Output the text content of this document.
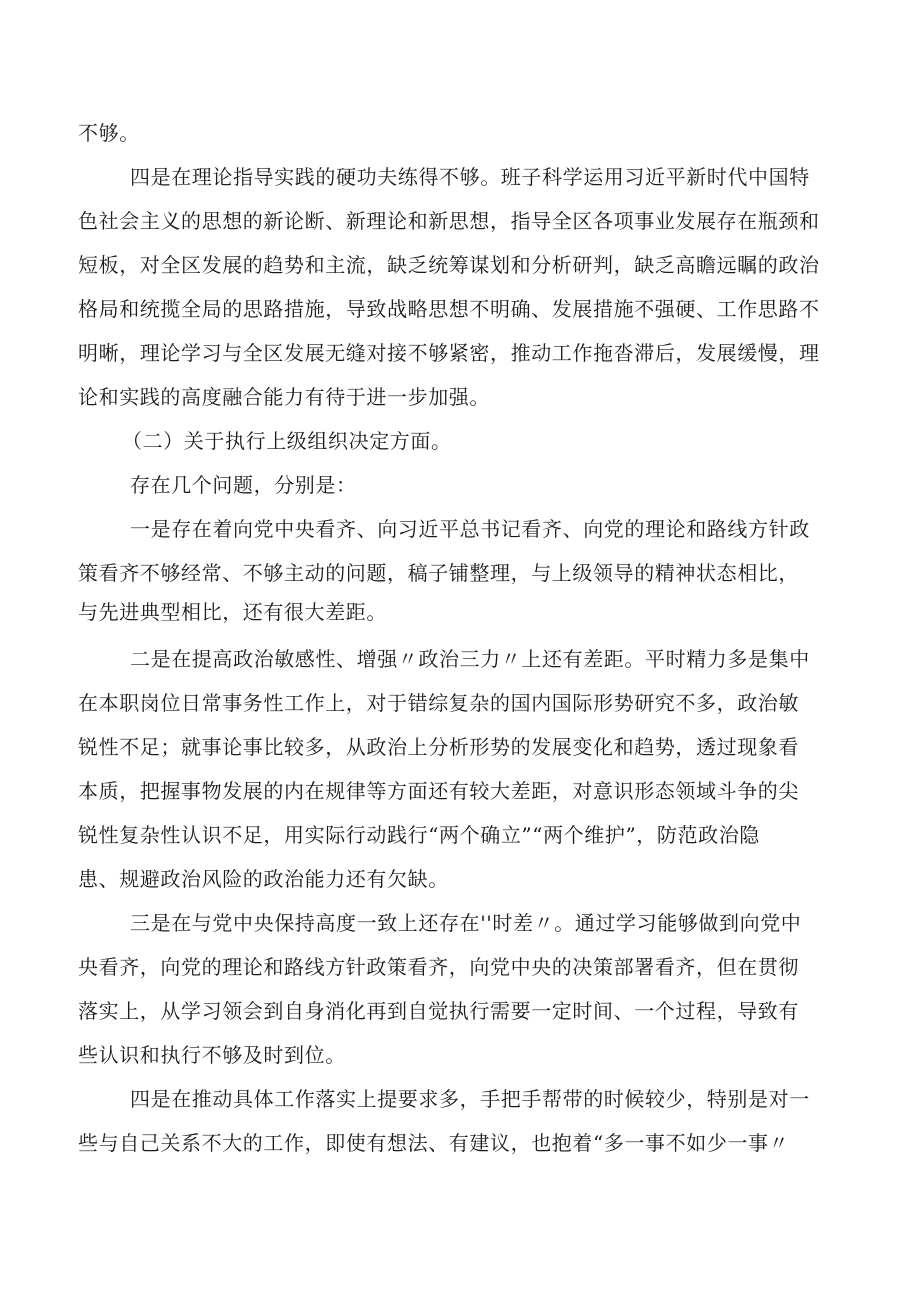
不够。
四是在理论指导实践的硬功夫练得不够。班子科学运用习近平新时代中国特
色社会主义的思想的新论断、新理论和新思想，指导全区各项事业发展存在瓶颈和
短板，对全区发展的趋势和主流，缺乏统筹谋划和分析研判，缺乏高瞻远瞩的政治
格局和统揽全局的思路措施，导致战略思想不明确、发展措施不强硬、工作思路不
明晰，理论学习与全区发展无缝对接不够紧密，推动工作拖沓滞后，发展缓慢，理
论和实践的高度融合能力有待于进一步加强。
（二）关于执行上级组织决定方面。
存在几个问题，分别是：
一是存在着向党中央看齐、向习近平总书记看齐、向党的理论和路线方针政
策看齐不够经常、不够主动的问题，稿子铺整理，与上级领导的精神状态相比，
与先进典型相比，还有很大差距。
二是在提高政治敏感性、增强〃政治三力〃上还有差距。平时精力多是集中
在本职岗位日常事务性工作上，对于错综复杂的国内国际形势研究不多，政治敏
锐性不足；就事论事比较多，从政治上分析形势的发展变化和趋势，透过现象看
本质，把握事物发展的内在规律等方面还有较大差距，对意识形态领域斗争的尖
锐性复杂性认识不足，用实际行动践行“两个确立”“两个维护”，防范政治隐
患、规避政治风险的政治能力还有欠缺。
三是在与党中央保持高度一致上还存在''时差〃。通过学习能够做到向党中
央看齐，向党的理论和路线方针政策看齐，向党中央的决策部署看齐，但在贯彻
落实上，从学习领会到自身消化再到自觉执行需要一定时间、一个过程，导致有
些认识和执行不够及时到位。
四是在推动具体工作落实上提要求多，手把手帮带的时候较少，特别是对一
些与自己关系不大的工作，即使有想法、有建议，也抱着“多一事不如少一事〃
